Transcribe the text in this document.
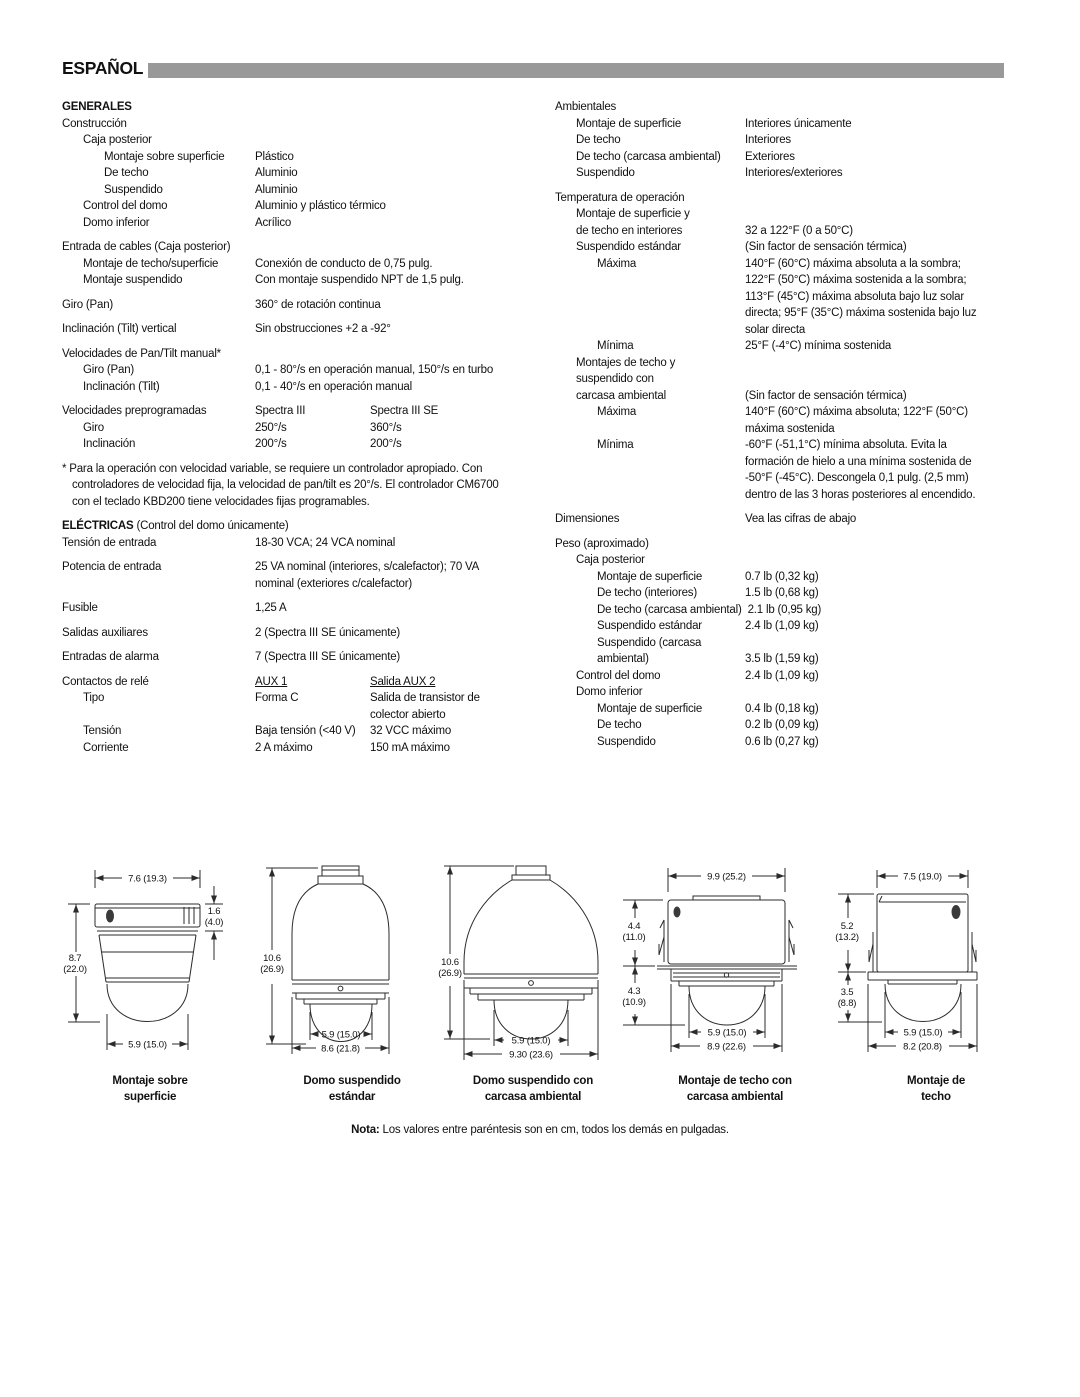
ESPAÑOL
GENERALES
Construcción
Caja posterior
Montaje sobre superficie	Plástico
De techo	Aluminio
Suspendido	Aluminio
Control del domo	Aluminio y plástico térmico
Domo inferior	Acrílico
Entrada de cables (Caja posterior)
Montaje de techo/superficie	Conexión de conducto de 0,75 pulg.
Montaje suspendido	Con montaje suspendido NPT de 1,5 pulg.
Giro (Pan)	360° de rotación continua
Inclinación (Tilt) vertical	Sin obstrucciones +2 a -92°
Velocidades de Pan/Tilt manual*
Giro (Pan)	0,1 - 80°/s en operación manual, 150°/s en turbo
Inclinación (Tilt)	0,1 - 40°/s en operación manual
Velocidades preprogramadas	Spectra III	Spectra III SE
Giro	250°/s	360°/s
Inclinación	200°/s	200°/s
* Para la operación con velocidad variable, se requiere un controlador apropiado. Con controladores de velocidad fija, la velocidad de pan/tilt es 20°/s. El controlador CM6700 con el teclado KBD200 tiene velocidades fijas programables.
ELÉCTRICAS (Control del domo únicamente)
Tensión de entrada	18-30 VCA; 24 VCA nominal
Potencia de entrada	25 VA nominal (interiores, s/calefactor); 70 VA nominal (exteriores c/calefactor)
Fusible	1,25 A
Salidas auxiliares	2 (Spectra III SE únicamente)
Entradas de alarma	7 (Spectra III SE únicamente)
Contactos de relé	AUX 1	Salida AUX 2
Tipo	Forma C	Salida de transistor de colector abierto
Tensión	Baja tensión (<40 V)	32 VCC máximo
Corriente	2 A máximo	150 mA máximo
Ambientales
Montaje de superficie	Interiores únicamente
De techo	Interiores
De techo (carcasa ambiental)	Exteriores
Suspendido	Interiores/exteriores
Temperatura de operación
Montaje de superficie y
de techo en interiores	32 a 122°F (0 a 50°C)
Suspendido estándar	(Sin factor de sensación térmica)
Máxima	140°F (60°C) máxima absoluta a la sombra; 122°F (50°C) máxima sostenida a la sombra; 113°F (45°C) máxima absoluta bajo luz solar directa; 95°F (35°C) máxima sostenida bajo luz solar directa
Mínima	25°F (-4°C) mínima sostenida
Montajes de techo y
suspendido con
carcasa ambiental	(Sin factor de sensación térmica)
Máxima	140°F (60°C) máxima absoluta; 122°F (50°C) máxima sostenida
Mínima	-60°F (-51,1°C) mínima absoluta. Evita la formación de hielo a una mínima sostenida de -50°F (-45°C). Descongela 0,1 pulg. (2,5 mm) dentro de las 3 horas posteriores al encendido.
Dimensiones	Vea las cifras de abajo
Peso (aproximado)
Caja posterior
Montaje de superficie	0.7 lb (0,32 kg)
De techo (interiores)	1.5 lb (0,68 kg)
De techo (carcasa ambiental) 2.1 lb (0,95 kg)
Suspendido estándar	2.4 lb (1,09 kg)
Suspendido (carcasa
ambiental)	3.5 lb (1,59 kg)
Control del domo	2.4 lb (1,09 kg)
Domo inferior
Montaje de superficie	0.4 lb (0,18 kg)
De techo	0.2 lb (0,09 kg)
Suspendido	0.6 lb (0,27 kg)
7.6 (19.3)
8.7
(22.0)
1.6
(4.0)
5.9 (15.0)
10.6
(26.9)
5.9 (15.0)
8.6 (21.8)
10.6
(26.9)
5.9 (15.0)
9.30 (23.6)
9.9 (25.2)
4.4
(11.0)
4.3
(10.9)
5.9 (15.0)
8.9 (22.6)
7.5 (19.0)
5.2
(13.2)
3.5
(8.8)
5.9 (15.0)
8.2 (20.8)
Montaje sobre
superficie
Domo suspendido
estándar
Domo suspendido con
carcasa ambiental
Montaje de techo con
carcasa ambiental
Montaje de
techo
Nota: Los valores entre paréntesis son en cm, todos los demás en pulgadas.
